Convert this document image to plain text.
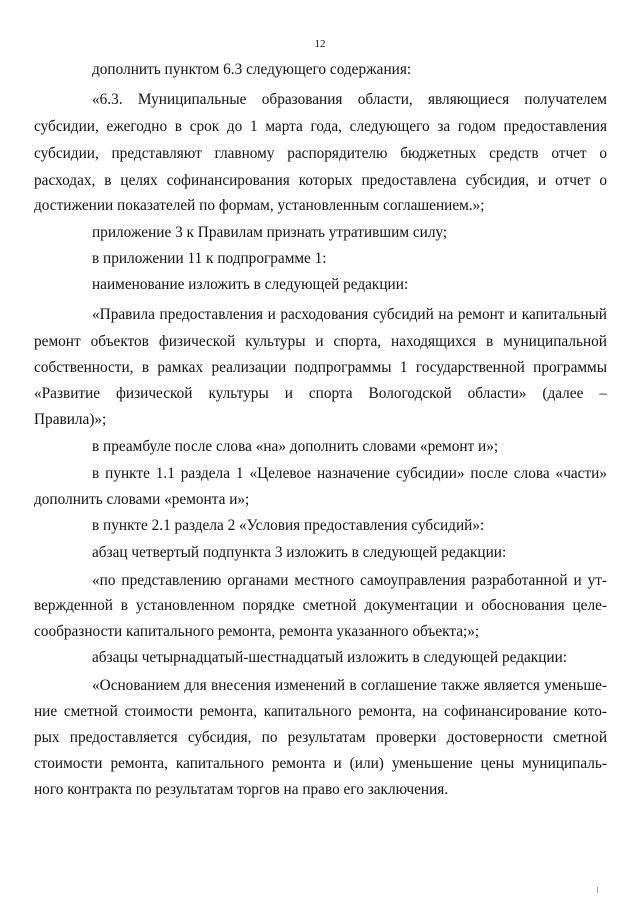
12
дополнить пунктом 6.3 следующего содержания:
«6.3. Муниципальные образования области, являющиеся получателем
субсидии, ежегодно в срок до 1 марта года, следующего за годом предоставления
субсидии, представляют главному распорядителю бюджетных средств отчет о
расходах, в целях софинансирования которых предоставлена субсидия, и отчет о
достижении показателей по формам, установленным соглашением.»;
приложение 3 к Правилам признать утратившим силу;
в приложении 11 к подпрограмме 1:
наименование изложить в следующей редакции:
«Правила предоставления и расходования субсидий на ремонт и капитальный
ремонт объектов физической культуры и спорта, находящихся в муниципальной
собственности, в рамках реализации подпрограммы 1 государственной программы
«Развитие физической культуры и спорта Вологодской области» (далее –
Правила)»;
в преамбуле после слова «на» дополнить словами «ремонт и»;
в пункте 1.1 раздела 1 «Целевое назначение субсидии» после слова «части»
дополнить словами «ремонта и»;
в пункте 2.1 раздела 2 «Условия предоставления субсидий»:
абзац четвертый подпункта 3 изложить в следующей редакции:
«по представлению органами местного самоуправления разработанной и ут-
вержденной в установленном порядке сметной документации и обоснования целе-
сообразности капитального ремонта, ремонта указанного объекта;»;
абзацы четырнадцатый-шестнадцатый изложить в следующей редакции:
«Основанием для внесения изменений в соглашение также является уменьше-
ние сметной стоимости ремонта, капитального ремонта, на софинансирование кото-
рых предоставляется субсидия, по результатам проверки достоверности сметной
стоимости ремонта, капитального ремонта и (или) уменьшение цены муниципаль-
ного контракта по результатам торгов на право его заключения.
